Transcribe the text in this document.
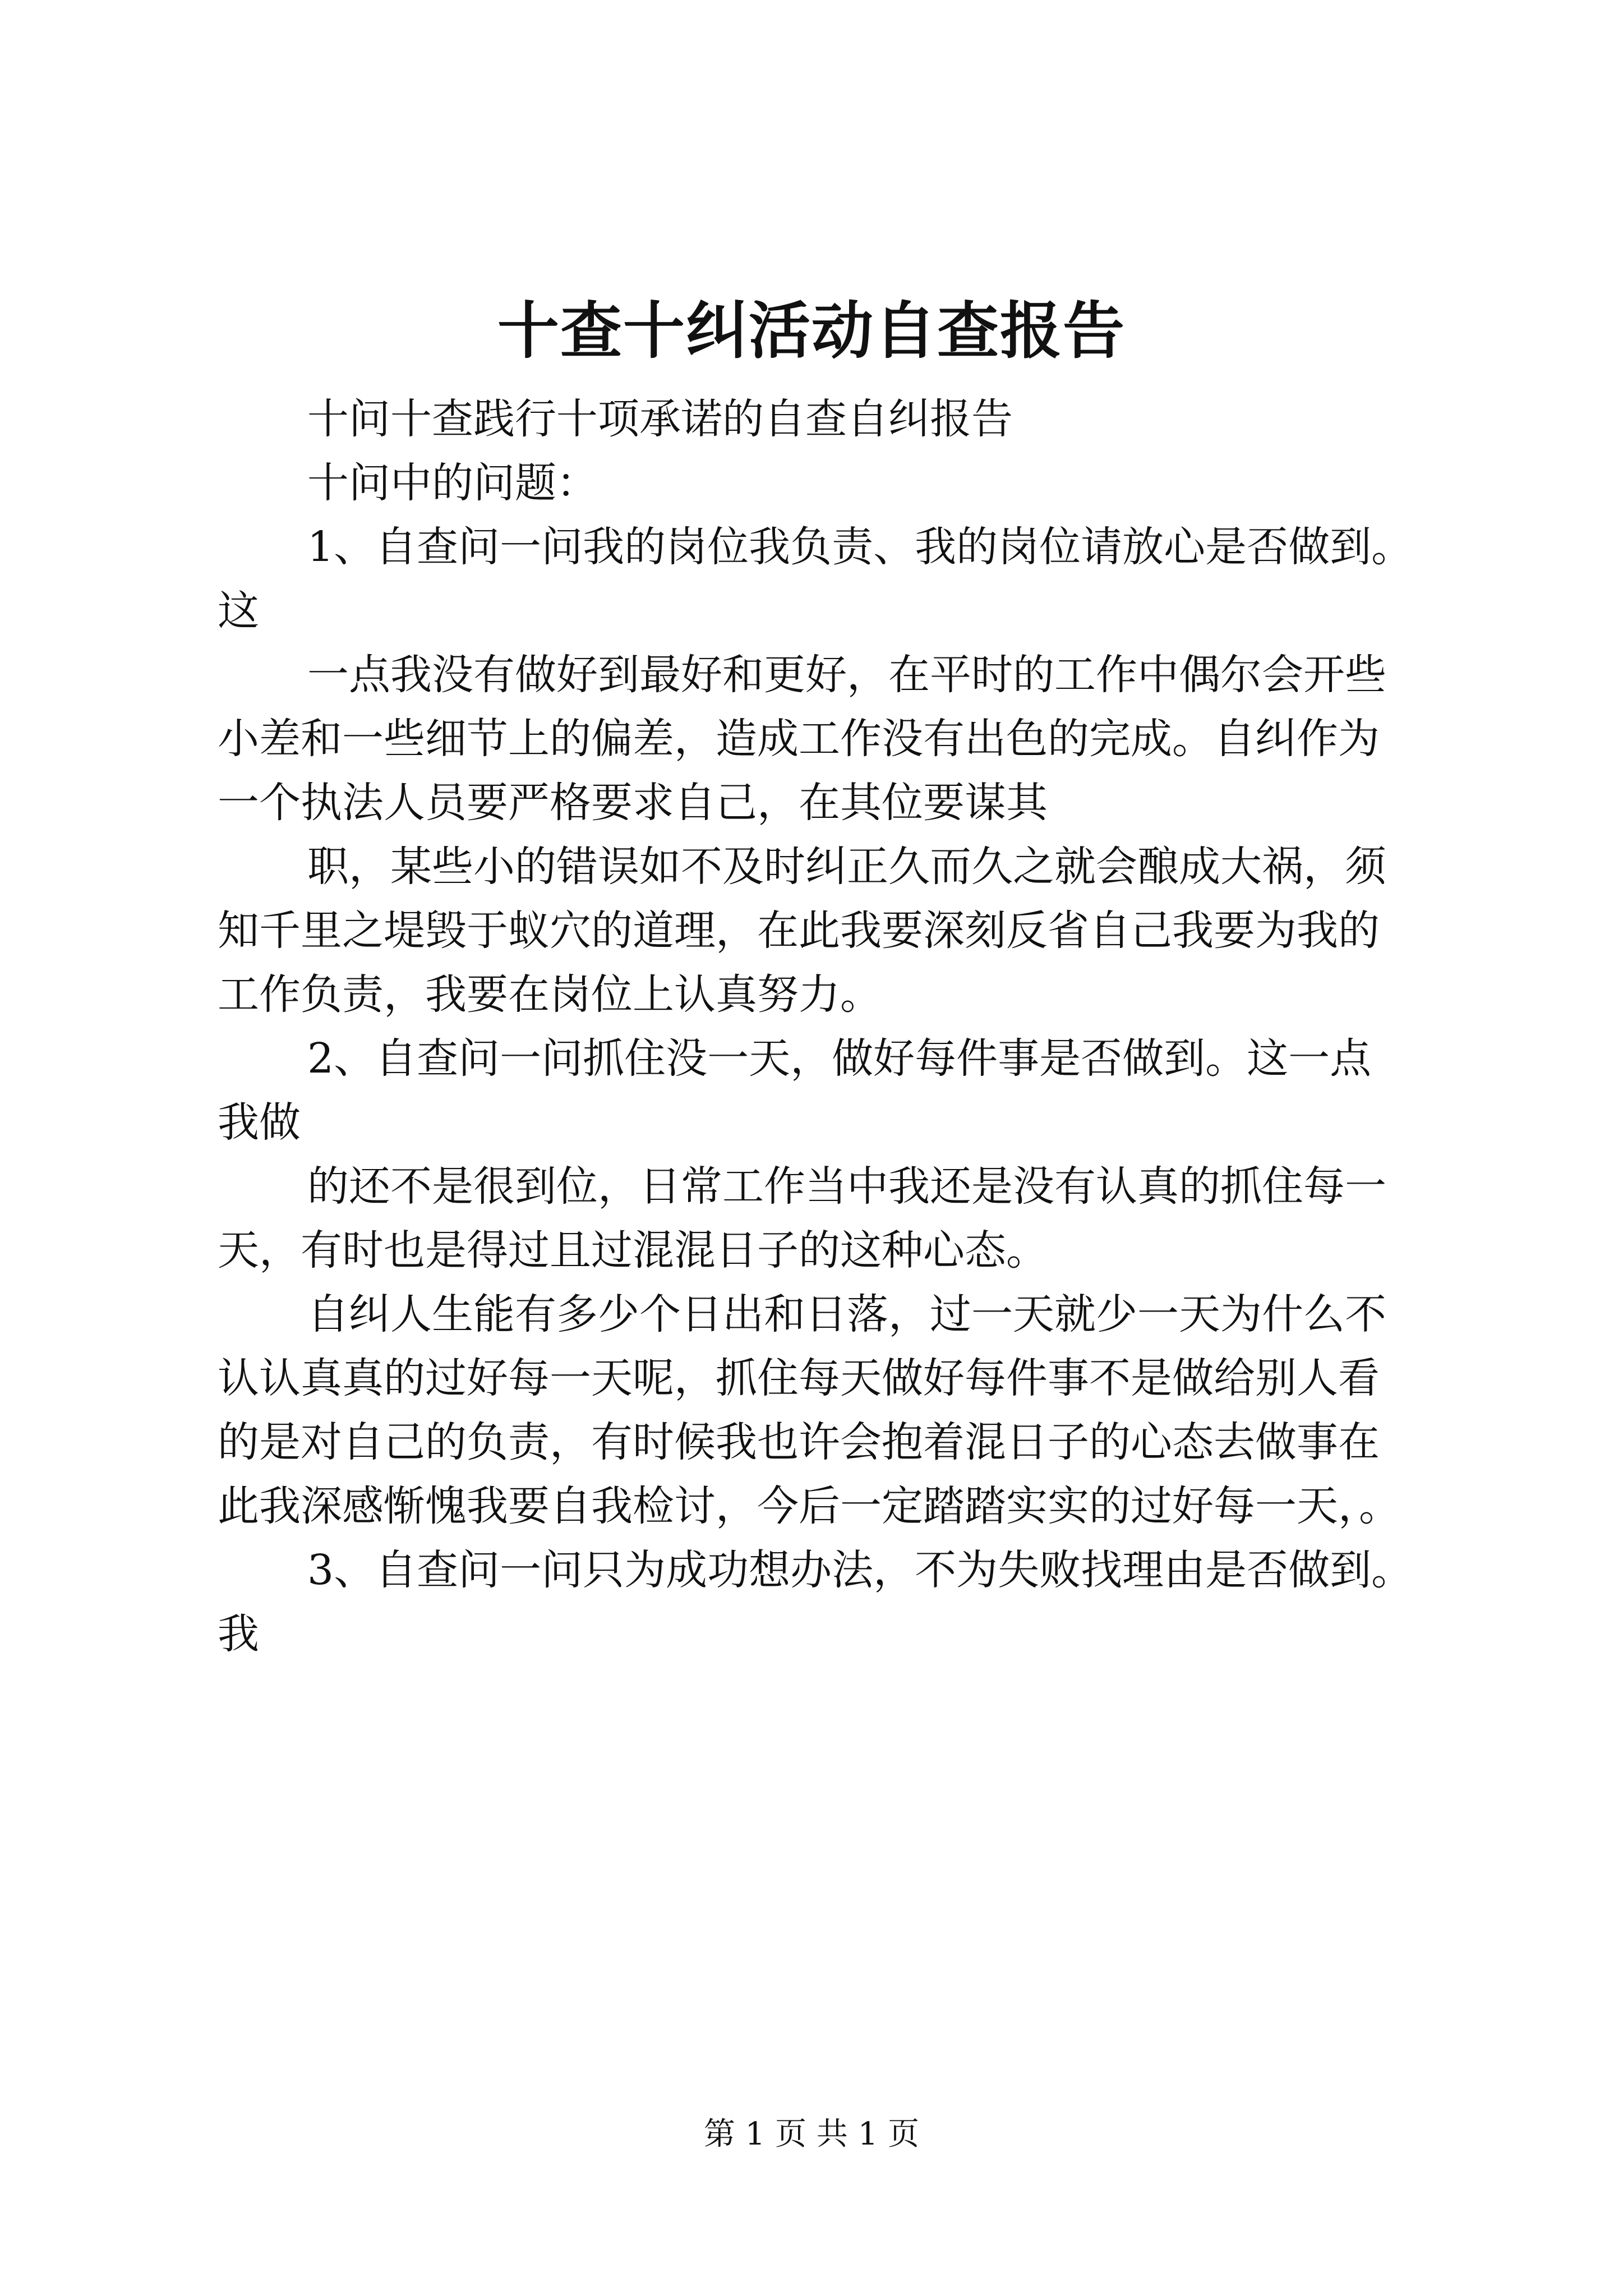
十查十纠活动自查报告
十问十查践行十项承诺的自查自纠报告
十问中的问题：
1、自查问一问我的岗位我负责、我的岗位请放心是否做到。
这
一点我没有做好到最好和更好，在平时的工作中偶尔会开些
小差和一些细节上的偏差，造成工作没有出色的完成。自纠作为
一个执法人员要严格要求自己，在其位要谋其
职，某些小的错误如不及时纠正久而久之就会酿成大祸，须
知千里之堤毁于蚁穴的道理，在此我要深刻反省自己我要为我的
工作负责，我要在岗位上认真努力。
2、自查问一问抓住没一天，做好每件事是否做到。这一点
我做
的还不是很到位，日常工作当中我还是没有认真的抓住每一
天，有时也是得过且过混混日子的这种心态。
自纠人生能有多少个日出和日落，过一天就少一天为什么不
认认真真的过好每一天呢，抓住每天做好每件事不是做给别人看
的是对自己的负责，有时候我也许会抱着混日子的心态去做事在
此我深感惭愧我要自我检讨，今后一定踏踏实实的过好每一天，。
3、自查问一问只为成功想办法，不为失败找理由是否做到。
我
第 1 页 共 1 页
